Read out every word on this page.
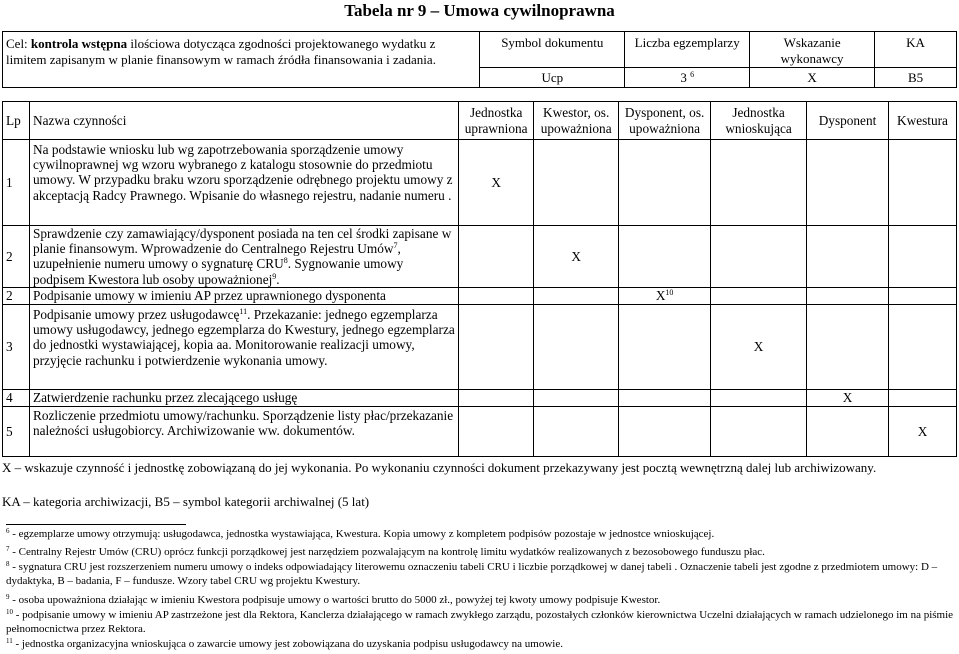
Tabela nr 9 – Umowa cywilnoprawna
Cel: kontrola wstępna ilościowa dotycząca zgodności projektowanego wydatku z limitem zapisanym w planie finansowym w ramach źródła finansowania i zadania.	Symbol dokumentu	Liczba egzemplarzy	Wskazanie wykonawcy	KA
	Ucp	3 $^6$	X	B5
Lp	Nazwa czynności	Jednostka uprawniona	Kwestor, os. upoważniona	Dysponent, os. upoważniona	Jednostka wnioskująca	Dysponent	Kwestura
1	Na podstawie wniosku lub wg zapotrzebowania sporządzenie umowy cywilnoprawnej wg wzoru wybranego z katalogu stosownie do przedmiotu umowy. W przypadku braku wzoru sporządzenie odrębnego projektu umowy z akceptacją Radcy Prawnego. Wpisanie do własnego rejestru, nadanie numeru .	X					
2	Sprawdzenie czy zamawiający/dysponent posiada na ten cel środki zapisane w planie finansowym. Wprowadzenie do Centralnego Rejestru Umów$^7$, uzupełnienie numeru umowy o sygnaturę CRU$^8$. Sygnowanie umowy podpisem Kwestora lub osoby upoważnionej$^9$.		X				
2	Podpisanie umowy w imieniu AP przez uprawnionego dysponenta			$X^{10}$			
3	Podpisanie umowy przez usługodawcę$^{11}$. Przekazanie: jednego egzemplarza umowy usługodawcy, jednego egzemplarza do Kwestury, jednego egzemplarza do jednostki wystawiającej, kopia aa. Monitorowanie realizacji umowy, przyjęcie rachunku i potwierdzenie wykonania umowy.				X		
4	Zatwierdzenie rachunku przez zlecającego usługę					X	
5	Rozliczenie przedmiotu umowy/rachunku. Sporządzenie listy płac/przekazanie należności usługobiorcy. Archiwizowanie ww. dokumentów.						X
X – wskazuje czynność i jednostkę zobowiązaną do jej wykonania. Po wykonaniu czynności dokument przekazywany jest pocztą wewnętrzną dalej lub archiwizowany.
KA – kategoria archiwizacji, B5 – symbol kategorii archiwalnej (5 lat)
$^6$ - egzemplarze umowy otrzymują: usługodawca, jednostka wystawiająca, Kwestura. Kopia umowy z kompletem podpisów pozostaje w jednostce wnioskującej.
$^7$ - Centralny Rejestr Umów (CRU) oprócz funkcji porządkowej jest narzędziem pozwalającym na kontrolę limitu wydatków realizowanych z bezosobowego funduszu płac.
$^8$ - sygnatura CRU jest rozszerzeniem numeru umowy o indeks odpowiadający literowemu oznaczeniu tabeli CRU i liczbie porządkowej w danej tabeli . Oznaczenie tabeli jest zgodne z przedmiotem umowy: D – dydaktyka, B – badania, F – fundusze. Wzory tabel CRU wg projektu Kwestury.
$^9$ - osoba upoważniona działając w imieniu Kwestora podpisuje umowy o wartości brutto do 5000 zł., powyżej tej kwoty umowy podpisuje Kwestor.
$^{10}$ - podpisanie umowy w imieniu AP zastrzeżone jest dla Rektora, Kanclerza działającego w ramach zwykłego zarządu, pozostałych członków kierownictwa Uczelni działających w ramach udzielonego im na piśmie pełnomocnictwa przez Rektora.
$^{11}$ - jednostka organizacyjna wnioskująca o zawarcie umowy jest zobowiązana do uzyskania podpisu usługodawcy na umowie.
